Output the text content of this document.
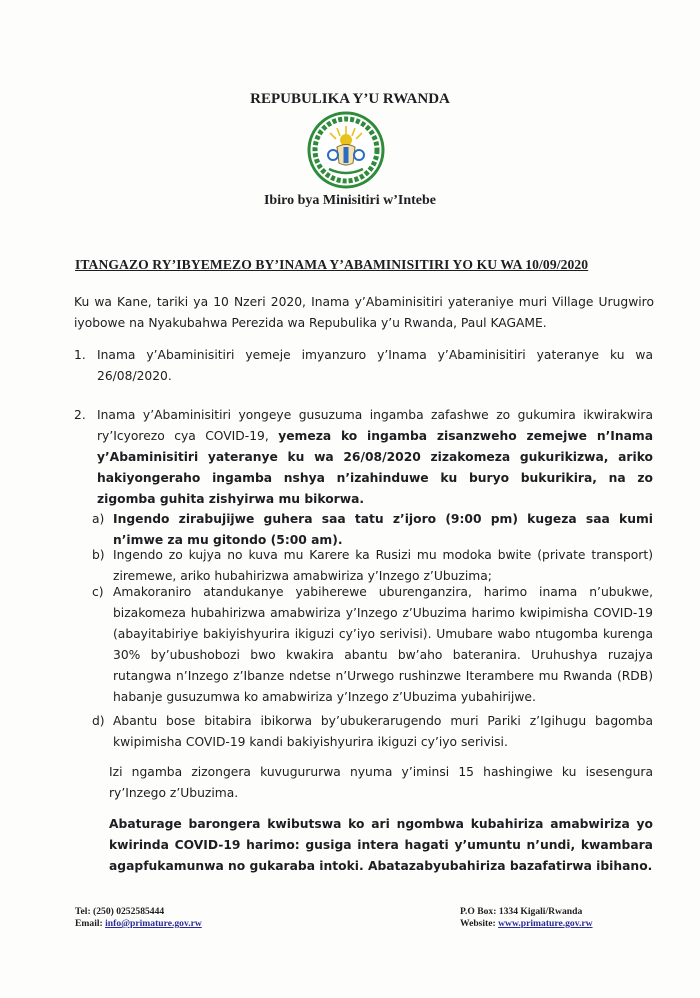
REPUBULIKA Y’U RWANDA
Ibiro bya Minisitiri w’Intebe
ITANGAZO RY’IBYEMEZO BY’INAMA Y’ABAMINISITIRI YO KU WA 10/09/2020
Ku wa Kane, tariki ya 10 Nzeri 2020, Inama y’Abaminisitiri yateraniye muri Village Urugwiro iyobowe na Nyakubahwa Perezida wa Repubulika y’u Rwanda, Paul KAGAME.
1. Inama y’Abaminisitiri yemeje imyanzuro y’Inama y’Abaminisitiri yateranye ku wa 26/08/2020.
2. Inama y’Abaminisitiri yongeye gusuzuma ingamba zafashwe zo gukumira ikwirakwira ry’Icyorezo cya COVID-19, yemeza ko ingamba zisanzweho zemejwe n’Inama y’Abaminisitiri yateranye ku wa 26/08/2020 zizakomeza gukurikizwa, ariko hakiyongeraho ingamba nshya n’izahinduwe ku buryo bukurikira, na zo zigomba guhita zishyirwa mu bikorwa.
a) Ingendo zirabujijwe guhera saa tatu z’ijoro (9:00 pm) kugeza saa kumi n’imwe za mu gitondo (5:00 am).
b) Ingendo zo kujya no kuva mu Karere ka Rusizi mu modoka bwite (private transport) ziremewe, ariko hubahirizwa amabwiriza y’Inzego z’Ubuzima;
c) Amakoraniro atandukanye yabiherewe uburenganzira, harimo inama n’ubukwe, bizakomeza hubahirizwa amabwiriza y’Inzego z’Ubuzima harimo kwipimisha COVID-19 (abayitabiriye bakiyishyurira ikiguzi cy’iyo serivisi). Umubare wabo ntugomba kurenga 30% by’ubushobozi bwo kwakira abantu bw’aho bateranira. Uruhushya ruzajya rutangwa n’Inzego z’Ibanze ndetse n’Urwego rushinzwe Iterambere mu Rwanda (RDB) habanje gusuzumwa ko amabwiriza y’Inzego z’Ubuzima yubahirijwe.
d) Abantu bose bitabira ibikorwa by’ubukerarugendo muri Pariki z’Igihugu bagomba kwipimisha COVID-19 kandi bakiyishyurira ikiguzi cy’iyo serivisi.
Izi ngamba zizongera kuvugururwa nyuma y’iminsi 15 hashingiwe ku isesengura ry’Inzego z’Ubuzima.
Abaturage barongera kwibutswa ko ari ngombwa kubahiriza amabwiriza yo kwirinda COVID-19 harimo: gusiga intera hagati y’umuntu n’undi, kwambara agapfukamunwa no gukaraba intoki. Abatazabyubahiriza bazafatirwa ibihano.
Tel: (250) 0252585444
Email: info@primature.gov.rw
P.O Box: 1334 Kigali/Rwanda
Website: www.primature.gov.rw
